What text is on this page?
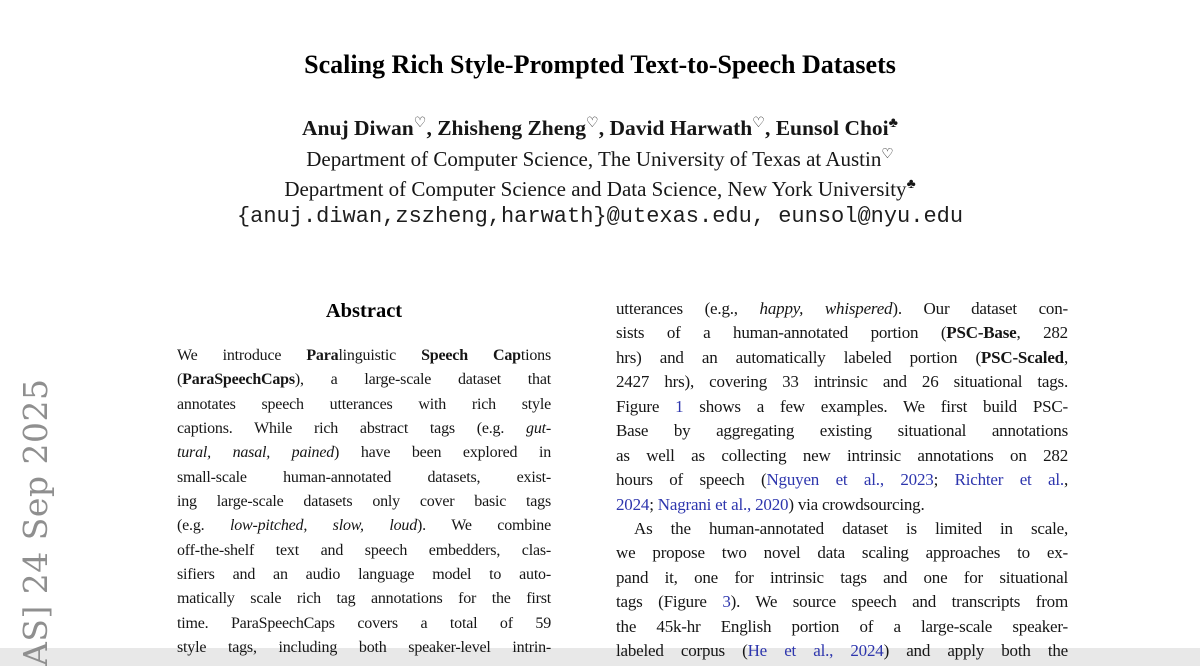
AS] 24 Sep 2025
Scaling Rich Style-Prompted Text-to-Speech Datasets
Anuj Diwan♡, Zhisheng Zheng♡, David Harwath♡, Eunsol Choi♣
Department of Computer Science, The University of Texas at Austin♡
Department of Computer Science and Data Science, New York University♣
{anuj.diwan,zszheng,harwath}@utexas.edu, eunsol@nyu.edu
Abstract
We introduce Paralinguistic Speech Captions
(ParaSpeechCaps), a large-scale dataset that
annotates speech utterances with rich style
captions. While rich abstract tags (e.g. gut-
tural, nasal, pained) have been explored in
small-scale human-annotated datasets, exist-
ing large-scale datasets only cover basic tags
(e.g. low-pitched, slow, loud). We combine
off-the-shelf text and speech embedders, clas-
sifiers and an audio language model to auto-
matically scale rich tag annotations for the first
time. ParaSpeechCaps covers a total of 59
style tags, including both speaker-level intrin-
utterances (e.g., happy, whispered). Our dataset con-
sists of a human-annotated portion (PSC-Base, 282
hrs) and an automatically labeled portion (PSC-Scaled,
2427 hrs), covering 33 intrinsic and 26 situational tags.
Figure 1 shows a few examples. We first build PSC-
Base by aggregating existing situational annotations
as well as collecting new intrinsic annotations on 282
hours of speech (Nguyen et al., 2023; Richter et al.,
2024; Nagrani et al., 2020) via crowdsourcing.
As the human-annotated dataset is limited in scale,
we propose two novel data scaling approaches to ex-
pand it, one for intrinsic tags and one for situational
tags (Figure 3). We source speech and transcripts from
the 45k-hr English portion of a large-scale speaker-
labeled corpus (He et al., 2024) and apply both the
